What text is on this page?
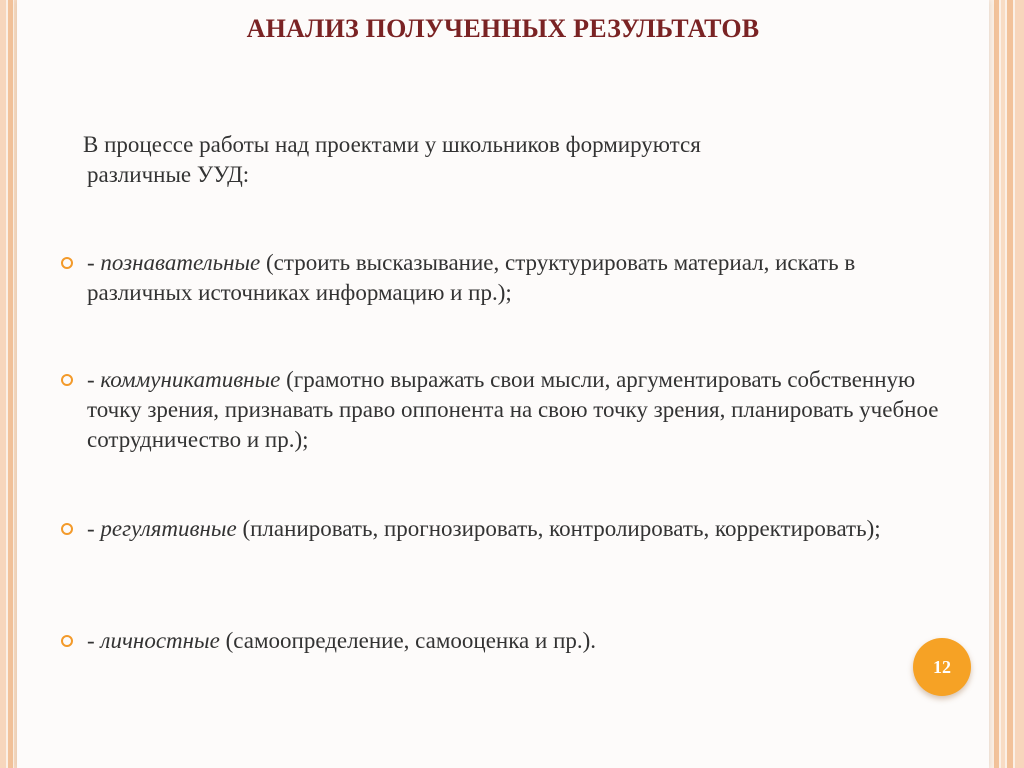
АНАЛИЗ ПОЛУЧЕННЫХ РЕЗУЛЬТАТОВ

В процессе работы над проектами у школьников формируются
различные УУД:

- познавательные (строить высказывание, структурировать материал, искать в различных источниках информацию и пр.);
- коммуникативные (грамотно выражать свои мысли, аргументировать собственную точку зрения, признавать право оппонента на свою точку зрения, планировать учебное сотрудничество и пр.);
- регулятивные (планировать, прогнозировать, контролировать, корректировать);
- личностные (самоопределение, самооценка и пр.).
12
